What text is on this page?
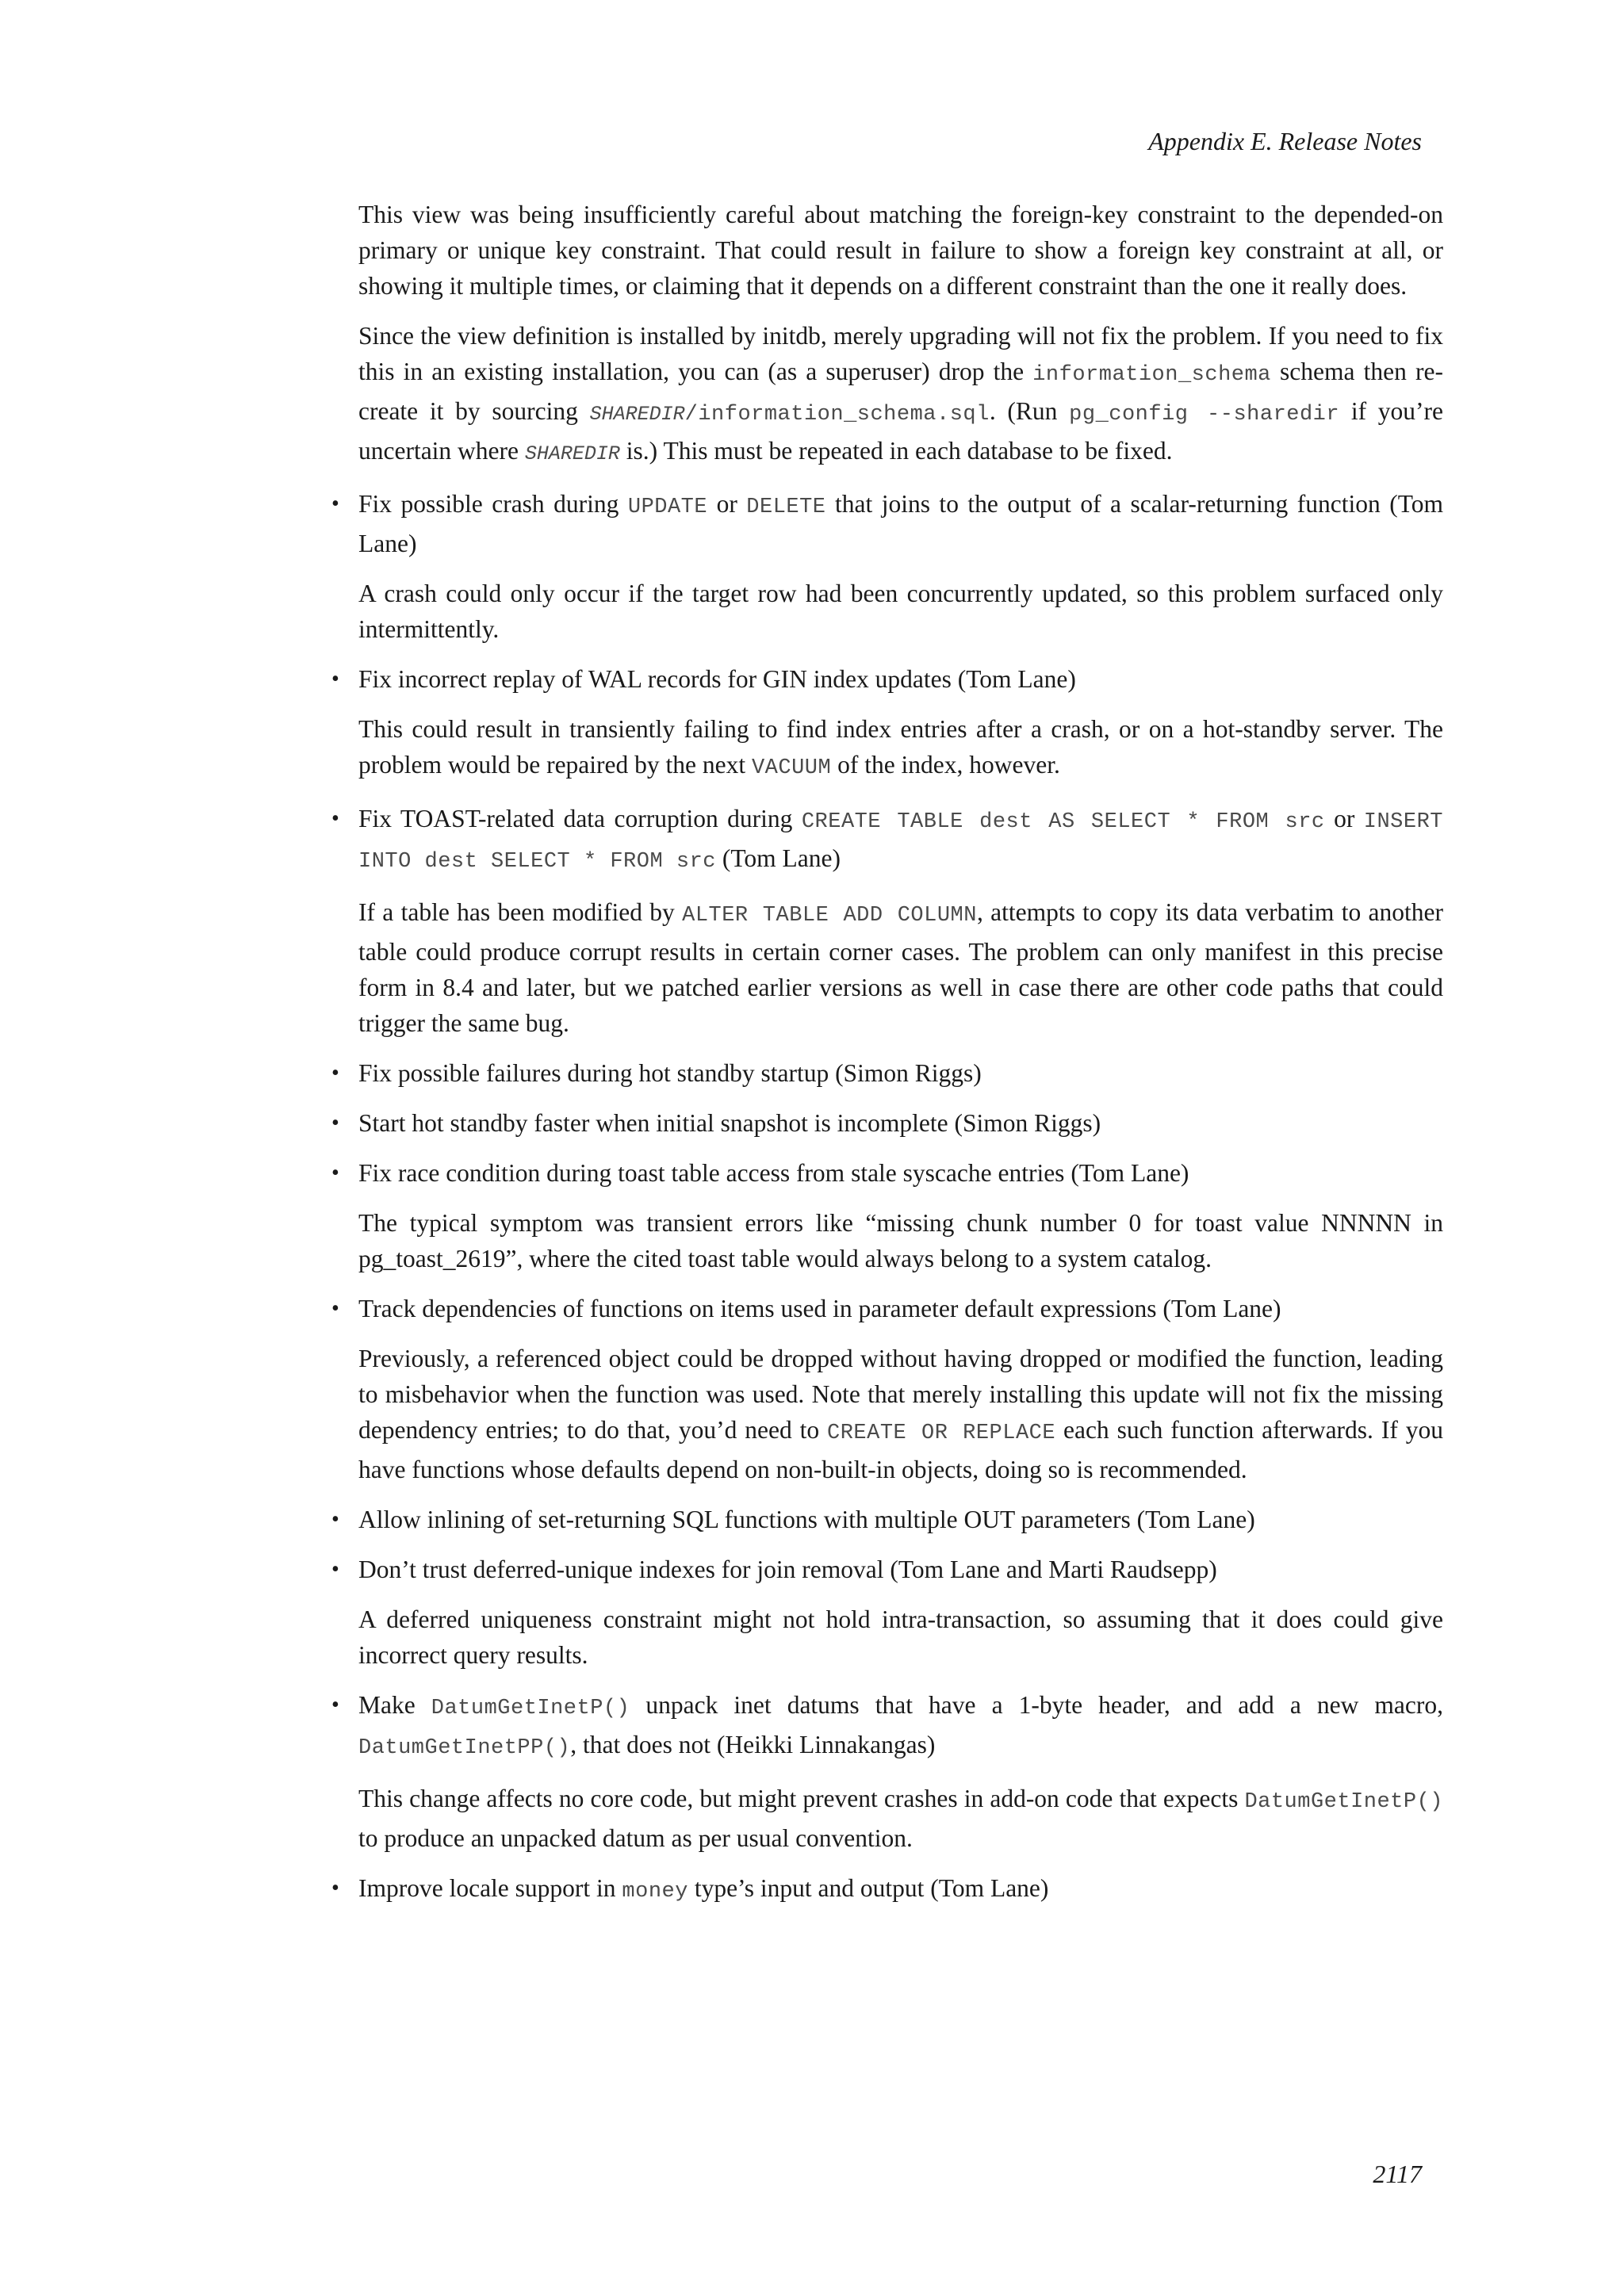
Appendix E. Release Notes

This view was being insufficiently careful about matching the foreign-key constraint to the depended-on primary or unique key constraint. That could result in failure to show a foreign key constraint at all, or showing it multiple times, or claiming that it depends on a different constraint than the one it really does.

Since the view definition is installed by initdb, merely upgrading will not fix the problem. If you need to fix this in an existing installation, you can (as a superuser) drop the information_schema schema then re-create it by sourcing SHAREDIR/information_schema.sql. (Run pg_config --sharedir if you’re uncertain where SHAREDIR is.) This must be repeated in each database to be fixed.

• Fix possible crash during UPDATE or DELETE that joins to the output of a scalar-returning function (Tom Lane)

A crash could only occur if the target row had been concurrently updated, so this problem surfaced only intermittently.

• Fix incorrect replay of WAL records for GIN index updates (Tom Lane)

This could result in transiently failing to find index entries after a crash, or on a hot-standby server. The problem would be repaired by the next VACUUM of the index, however.

• Fix TOAST-related data corruption during CREATE TABLE dest AS SELECT * FROM src or INSERT INTO dest SELECT * FROM src (Tom Lane)

If a table has been modified by ALTER TABLE ADD COLUMN, attempts to copy its data verbatim to another table could produce corrupt results in certain corner cases. The problem can only manifest in this precise form in 8.4 and later, but we patched earlier versions as well in case there are other code paths that could trigger the same bug.

• Fix possible failures during hot standby startup (Simon Riggs)

• Start hot standby faster when initial snapshot is incomplete (Simon Riggs)

• Fix race condition during toast table access from stale syscache entries (Tom Lane)

The typical symptom was transient errors like “missing chunk number 0 for toast value NNNNN in pg_toast_2619”, where the cited toast table would always belong to a system catalog.

• Track dependencies of functions on items used in parameter default expressions (Tom Lane)

Previously, a referenced object could be dropped without having dropped or modified the function, leading to misbehavior when the function was used. Note that merely installing this update will not fix the missing dependency entries; to do that, you’d need to CREATE OR REPLACE each such function afterwards. If you have functions whose defaults depend on non-built-in objects, doing so is recommended.

• Allow inlining of set-returning SQL functions with multiple OUT parameters (Tom Lane)

• Don’t trust deferred-unique indexes for join removal (Tom Lane and Marti Raudsepp)

A deferred uniqueness constraint might not hold intra-transaction, so assuming that it does could give incorrect query results.

• Make DatumGetInetP() unpack inet datums that have a 1-byte header, and add a new macro, DatumGetInetPP(), that does not (Heikki Linnakangas)

This change affects no core code, but might prevent crashes in add-on code that expects DatumGetInetP() to produce an unpacked datum as per usual convention.

• Improve locale support in money type’s input and output (Tom Lane)

2117
